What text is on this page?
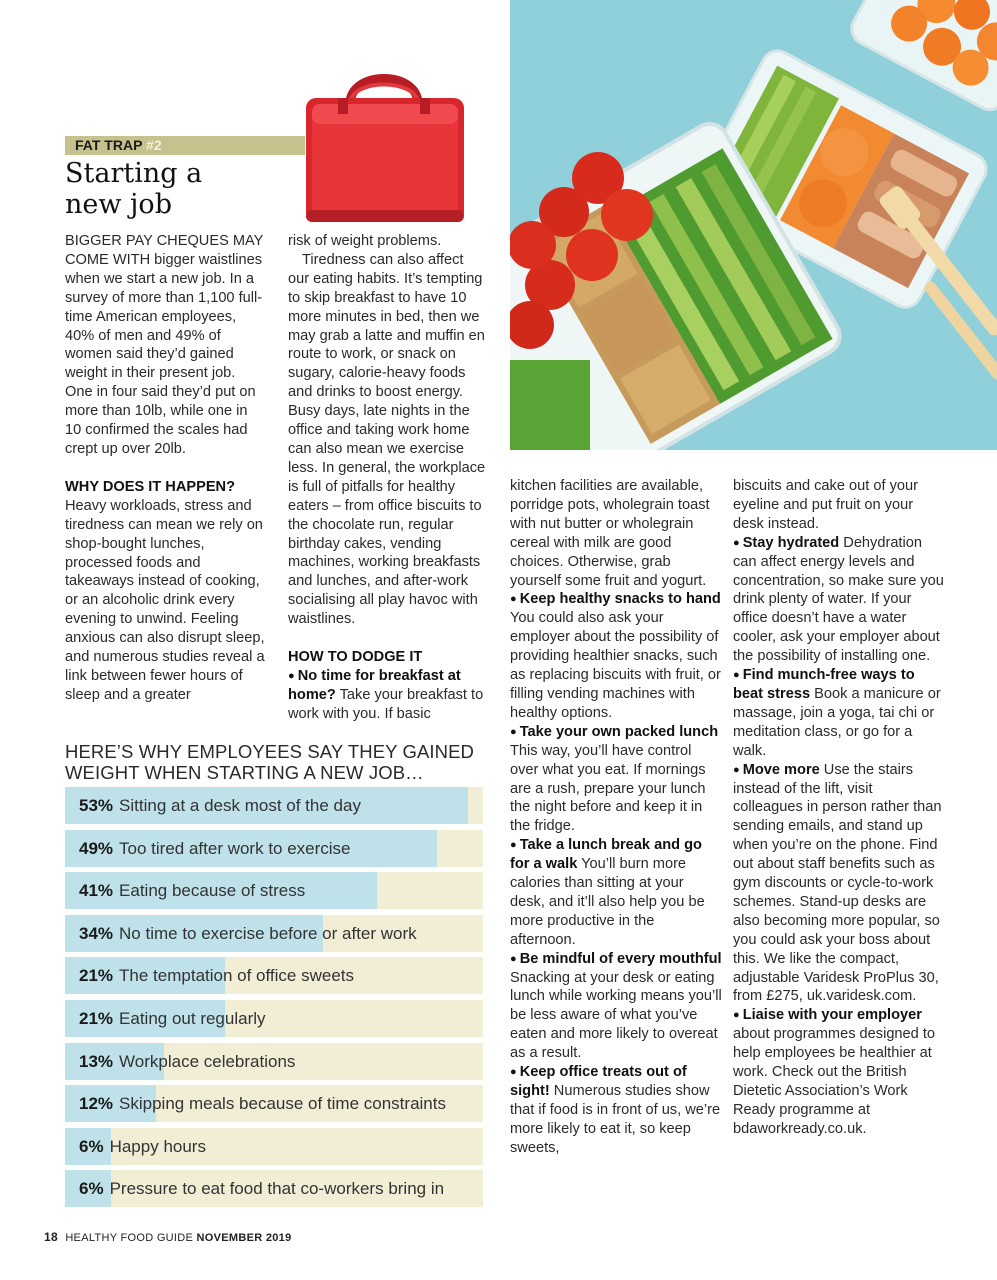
FAT TRAP #2
Starting a
new job

BIGGER PAY CHEQUES MAY COME WITH bigger waistlines when we start a new job. In a survey of more than 1,100 full-time American employees, 40% of men and 49% of women said they’d gained weight in their present job. One in four said they’d put on more than 10lb, while one in 10 confirmed the scales had crept up over 20lb.

WHY DOES IT HAPPEN?

Heavy workloads, stress and tiredness can mean we rely on shop-bought lunches, processed foods and takeaways instead of cooking, or an alcoholic drink every evening to unwind. Feeling anxious can also disrupt sleep, and numerous studies reveal a link between fewer hours of sleep and a greater

risk of weight problems.

Tiredness can also affect our eating habits. It’s tempting to skip breakfast to have 10 more minutes in bed, then we may grab a latte and muffin en route to work, or snack on sugary, calorie-heavy foods and drinks to boost energy. Busy days, late nights in the office and taking work home can also mean we exercise less. In general, the workplace is full of pitfalls for healthy eaters – from office biscuits to the chocolate run, regular birthday cakes, vending machines, working breakfasts and lunches, and after-work socialising all play havoc with waistlines.

HOW TO DODGE IT

● No time for breakfast at home? Take your breakfast to work with you. If basic

kitchen facilities are available, porridge pots, wholegrain toast with nut butter or wholegrain cereal with milk are good choices. Otherwise, grab yourself some fruit and yogurt.

● Keep healthy snacks to hand You could also ask your employer about the possibility of providing healthier snacks, such as replacing biscuits with fruit, or filling vending machines with healthy options.

● Take your own packed lunch This way, you’ll have control over what you eat. If mornings are a rush, prepare your lunch the night before and keep it in the fridge.

● Take a lunch break and go for a walk You’ll burn more calories than sitting at your desk, and it’ll also help you be more productive in the afternoon.

● Be mindful of every mouthful Snacking at your desk or eating lunch while working means you’ll be less aware of what you’ve eaten and more likely to overeat as a result.

● Keep office treats out of sight! Numerous studies show that if food is in front of us, we’re more likely to eat it, so keep sweets,

biscuits and cake out of your eyeline and put fruit on your desk instead.

● Stay hydrated Dehydration can affect energy levels and concentration, so make sure you drink plenty of water. If your office doesn’t have a water cooler, ask your employer about the possibility of installing one.

● Find munch-free ways to beat stress Book a manicure or massage, join a yoga, tai chi or meditation class, or go for a walk.

● Move more Use the stairs instead of the lift, visit colleagues in person rather than sending emails, and stand up when you’re on the phone. Find out about staff benefits such as gym discounts or cycle-to-work schemes. Stand-up desks are also becoming more popular, so you could ask your boss about this. We like the compact, adjustable Varidesk ProPlus 30, from £275, uk.varidesk.com.

● Liaise with your employer about programmes designed to help employees be healthier at work. Check out the British Dietetic Association’s Work Ready programme at bdaworkready.co.uk.

HERE’S WHY EMPLOYEES SAY THEY GAINED WEIGHT WHEN STARTING A NEW JOB…
53% Sitting at a desk most of the day
49% Too tired after work to exercise
41% Eating because of stress
34% No time to exercise before or after work
21% The temptation of office sweets
21% Eating out regularly
13% Workplace celebrations
12% Skipping meals because of time constraints
6% Happy hours
6% Pressure to eat food that co-workers bring in
18 HEALTHY FOOD GUIDE NOVEMBER 2019
